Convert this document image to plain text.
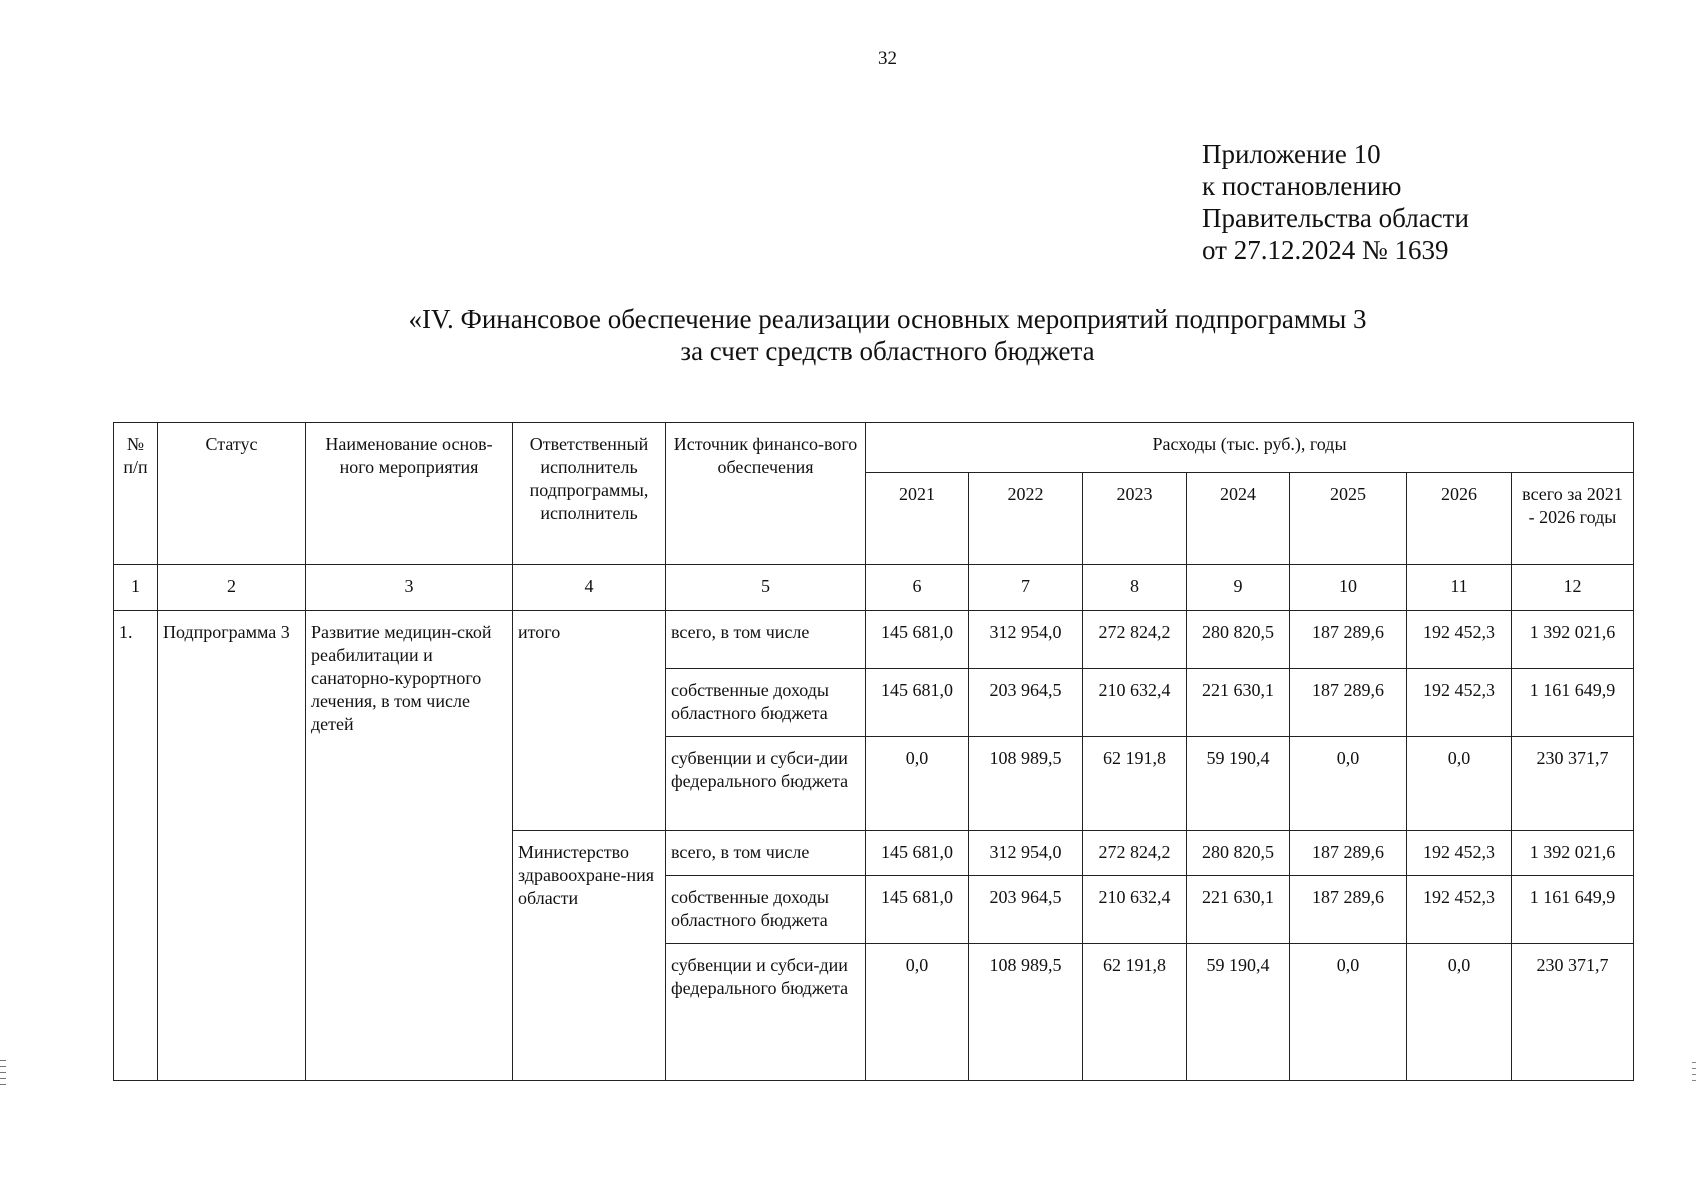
32
Приложение 10
к постановлению
Правительства области
от 27.12.2024 № 1639
«IV. Финансовое обеспечение реализации основных мероприятий подпрограммы 3
за счет средств областного бюджета
№ п/п	Статус	Наименование основ-ного мероприятия	Ответственный исполнитель подпрограммы, исполнитель	Источник финансо-вого обеспечения	Расходы (тыс. руб.), годы						
					2021	2022	2023	2024	2025	2026	всего за 2021 - 2026 годы
1	2	3	4	5	6	7	8	9	10	11	12
1.	Подпрограмма 3	Развитие медицин-ской реабилитации и санаторно-курортного лечения, в том числе детей	итого	всего, в том числе	145 681,0	312 954,0	272 824,2	280 820,5	187 289,6	192 452,3	1 392 021,6
				собственные доходы областного бюджета	145 681,0	203 964,5	210 632,4	221 630,1	187 289,6	192 452,3	1 161 649,9
				субвенции и субси-дии федерального бюджета	0,0	108 989,5	62 191,8	59 190,4	0,0	0,0	230 371,7
			Министерство здравоохране-ния области	всего, в том числе	145 681,0	312 954,0	272 824,2	280 820,5	187 289,6	192 452,3	1 392 021,6
				собственные доходы областного бюджета	145 681,0	203 964,5	210 632,4	221 630,1	187 289,6	192 452,3	1 161 649,9
				субвенции и субси-дии федерального бюджета	0,0	108 989,5	62 191,8	59 190,4	0,0	0,0	230 371,7
